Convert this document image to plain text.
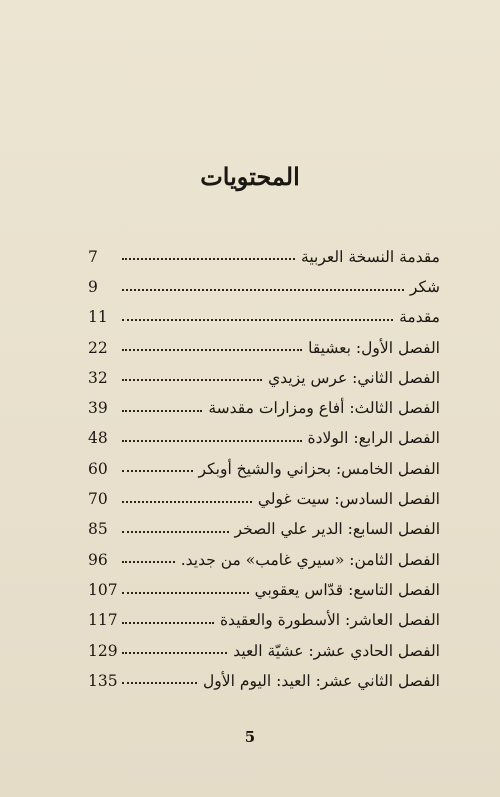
المحتويات
مقدمة النسخة العربية
7
شكر
9
مقدمة
11
الفصل الأول: بعشيقا
22
الفصل الثاني: عرس يزيدي
32
الفصل الثالث: أفاع ومزارات مقدسة
39
الفصل الرابع: الولادة
48
الفصل الخامس: بحزاني والشيخ أوبكر
60
الفصل السادس: سيت غولي
70
الفصل السابع: الدير علي الصخر
85
الفصل الثامن: «سيري غامب» من جديد.
96
الفصل التاسع: قدّاس يعقوبي
107
الفصل العاشر: الأسطورة والعقيدة
117
الفصل الحادي عشر: عشيّة العيد
129
الفصل الثاني عشر: العيد: اليوم الأول
135
5
